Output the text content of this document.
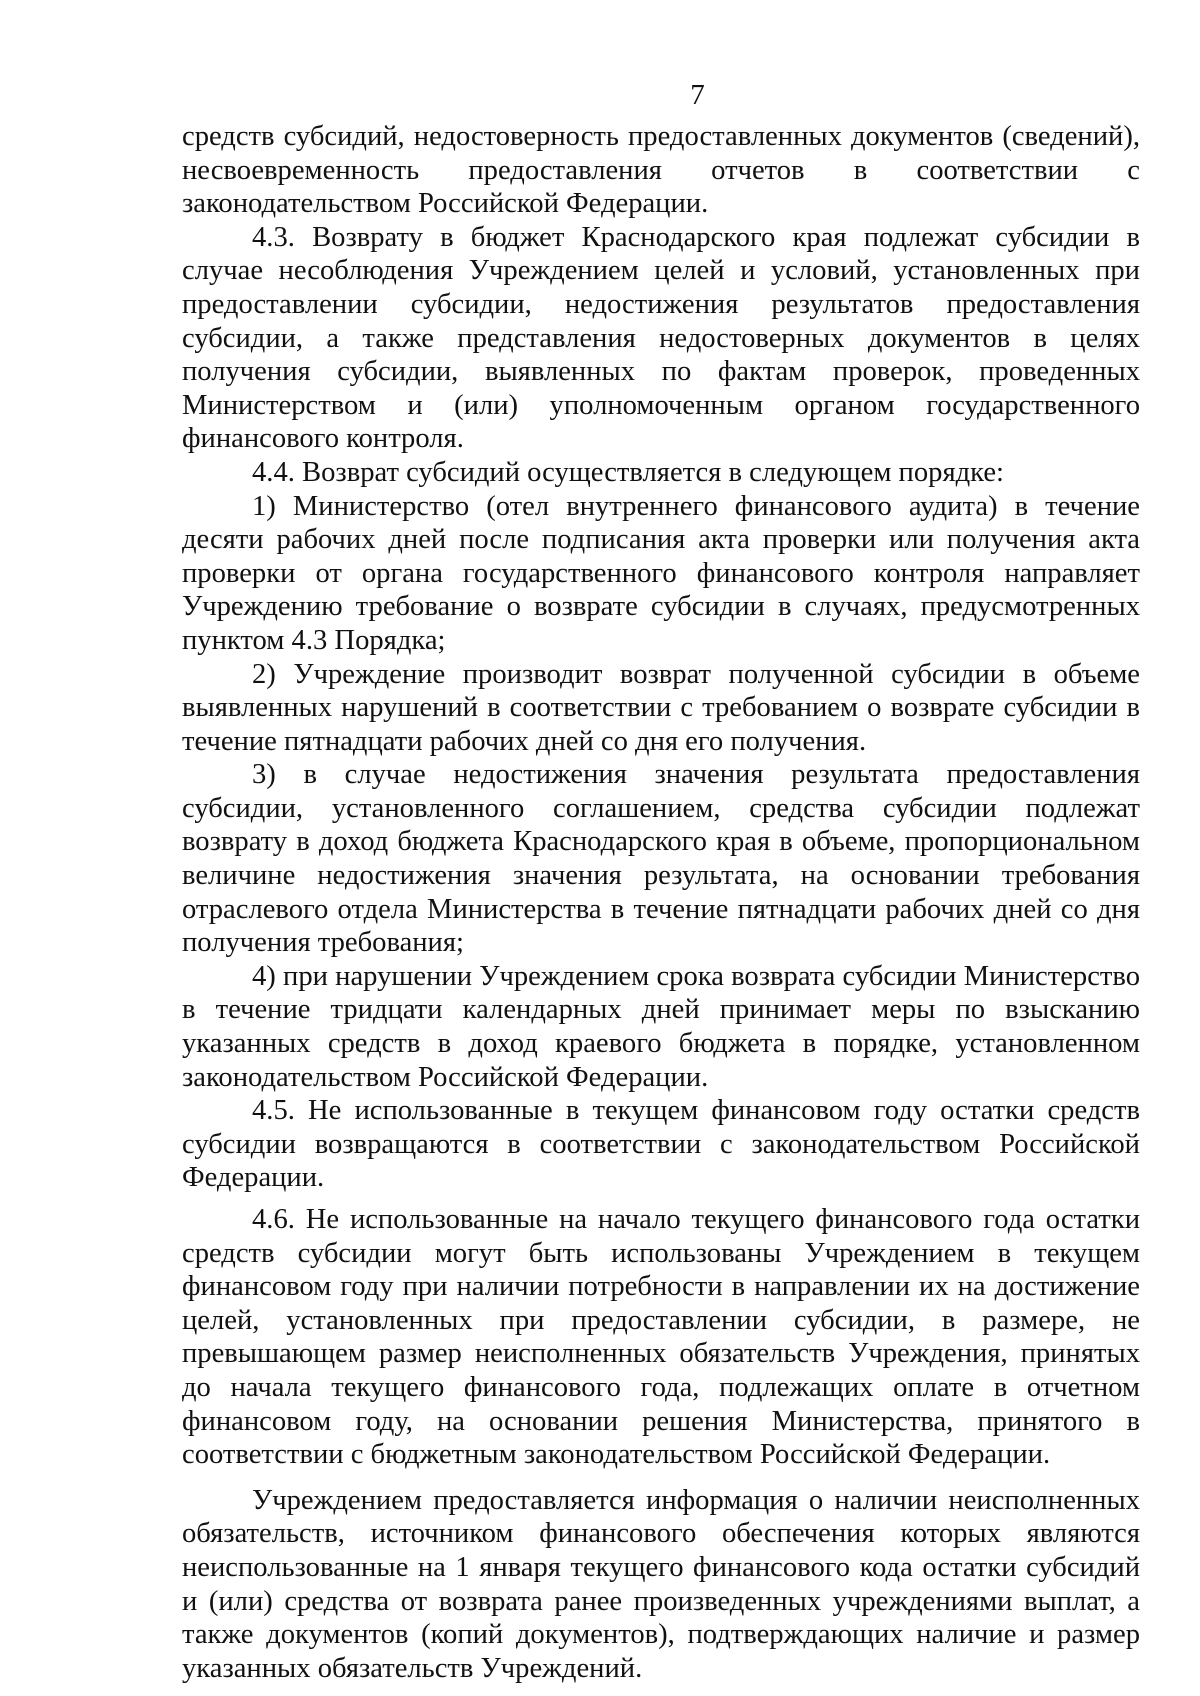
7

средств субсидий, недостоверность предоставленных документов (сведений), несвоевременность предоставления отчетов в соответствии с законодательством Российской Федерации.

4.3. Возврату в бюджет Краснодарского края подлежат субсидии в случае несоблюдения Учреждением целей и условий, установленных при предоставлении субсидии, недостижения результатов предоставления субсидии, а также представления недостоверных документов в целях получения субсидии, выявленных по фактам проверок, проведенных Министерством и (или) уполномоченным органом государственного финансового контроля.

4.4. Возврат субсидий осуществляется в следующем порядке:

1) Министерство (отел внутреннего финансового аудита) в течение десяти рабочих дней после подписания акта проверки или получения акта проверки от органа государственного финансового контроля направляет Учреждению требование о возврате субсидии в случаях, предусмотренных пунктом 4.3 Порядка;

2) Учреждение производит возврат полученной субсидии в объеме выявленных нарушений в соответствии с требованием о возврате субсидии в течение пятнадцати рабочих дней со дня его получения.

3) в случае недостижения значения результата предоставления субсидии, установленного соглашением, средства субсидии подлежат возврату в доход бюджета Краснодарского края в объеме, пропорциональном величине недостижения значения результата, на основании требования отраслевого отдела Министерства в течение пятнадцати рабочих дней со дня получения требования;

4) при нарушении Учреждением срока возврата субсидии Министерство в течение тридцати календарных дней принимает меры по взысканию указанных средств в доход краевого бюджета в порядке, установленном законодательством Российской Федерации.

4.5. Не использованные в текущем финансовом году остатки средств субсидии возвращаются в соответствии с законодательством Российской Федерации.

4.6. Не использованные на начало текущего финансового года остатки средств субсидии могут быть использованы Учреждением в текущем финансовом году при наличии потребности в направлении их на достижение целей, установленных при предоставлении субсидии, в размере, не превышающем размер неисполненных обязательств Учреждения, принятых до начала текущего финансового года, подлежащих оплате в отчетном финансовом году, на основании решения Министерства, принятого в соответствии с бюджетным законодательством Российской Федерации.

Учреждением предоставляется информация о наличии неисполненных обязательств, источником финансового обеспечения которых являются неиспользованные на 1 января текущего финансового кода остатки субсидий и (или) средства от возврата ранее произведенных учреждениями выплат, а также документов (копий документов), подтверждающих наличие и размер указанных обязательств Учреждений.
